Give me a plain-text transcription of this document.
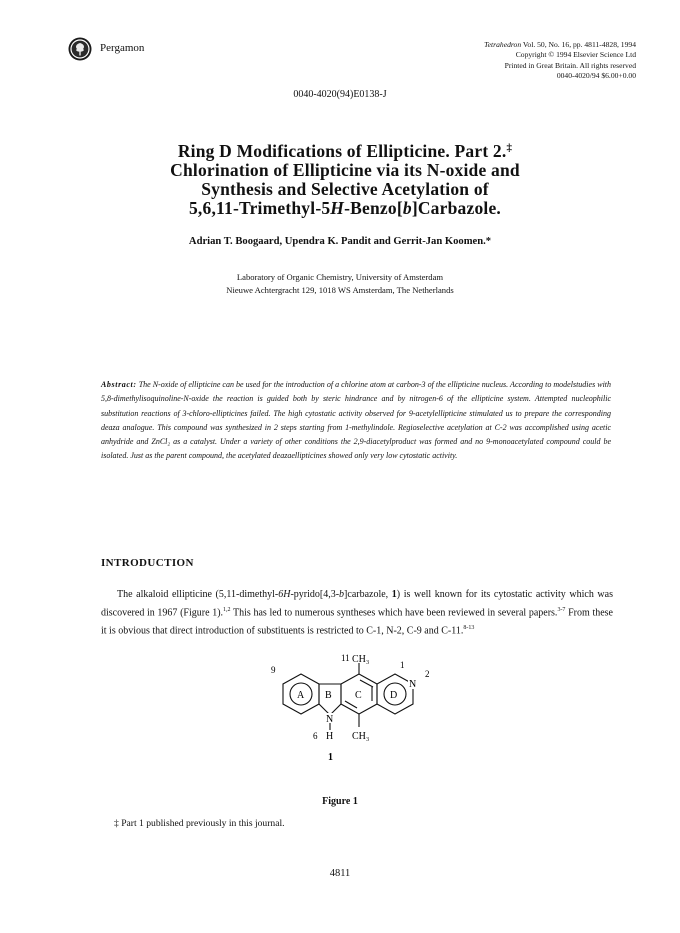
Pergamon	Tetrahedron Vol. 50, No. 16, pp. 4811-4828, 1994
Copyright © 1994 Elsevier Science Ltd
Printed in Great Britain. All rights reserved
0040-4020/94 $6.00+0.00
0040-4020(94)E0138-J
Ring D Modifications of Ellipticine. Part 2.‡
Chlorination of Ellipticine via its N-oxide and
Synthesis and Selective Acetylation of
5,6,11-Trimethyl-5H-Benzo[b]Carbazole.
Adrian T. Boogaard, Upendra K. Pandit and Gerrit-Jan Koomen.*
Laboratory of Organic Chemistry, University of Amsterdam
Nieuwe Achtergracht 129, 1018 WS Amsterdam, The Netherlands
Abstract: The N-oxide of ellipticine can be used for the introduction of a chlorine atom at carbon-3 of the ellipticine nucleus. According to modelstudies with 5,8-dimethylisoquinoline-N-oxide the reaction is guided both by steric hindrance and by nitrogen-6 of the ellipticine system. Attempted nucleophilic substitution reactions of 3-chloro-ellipticines failed. The high cytostatic activity observed for 9-acetylellipticine stimulated us to prepare the corresponding deaza analogue. This compound was synthesized in 2 steps starting from 1-methylindole. Regioselective acetylation at C-2 was accomplished using acetic anhydride and ZnCl₂ as a catalyst. Under a variety of other conditions the 2,9-diacetylproduct was formed and no 9-monoacetylated compound could be isolated. Just as the parent compound, the acetylated deazaellipticines showed only very low cytostatic activity.
INTRODUCTION
The alkaloid ellipticine (5,11-dimethyl-6H-pyrido[4,3-b]carbazole, 1) is well known for its cytostatic activity which was discovered in 1967 (Figure 1).$^{1,2}$ This has led to numerous syntheses which have been reviewed in several papers.$^{3-7}$ From these it is obvious that direct introduction of substituents is restricted to C-1, N-2, C-9 and C-11.$^{8-13}$
11 CH₃	1
2
9
A B C	D
N
N
6 H CH₃
1
Figure 1
‡ Part 1 published previously in this journal.
4811
